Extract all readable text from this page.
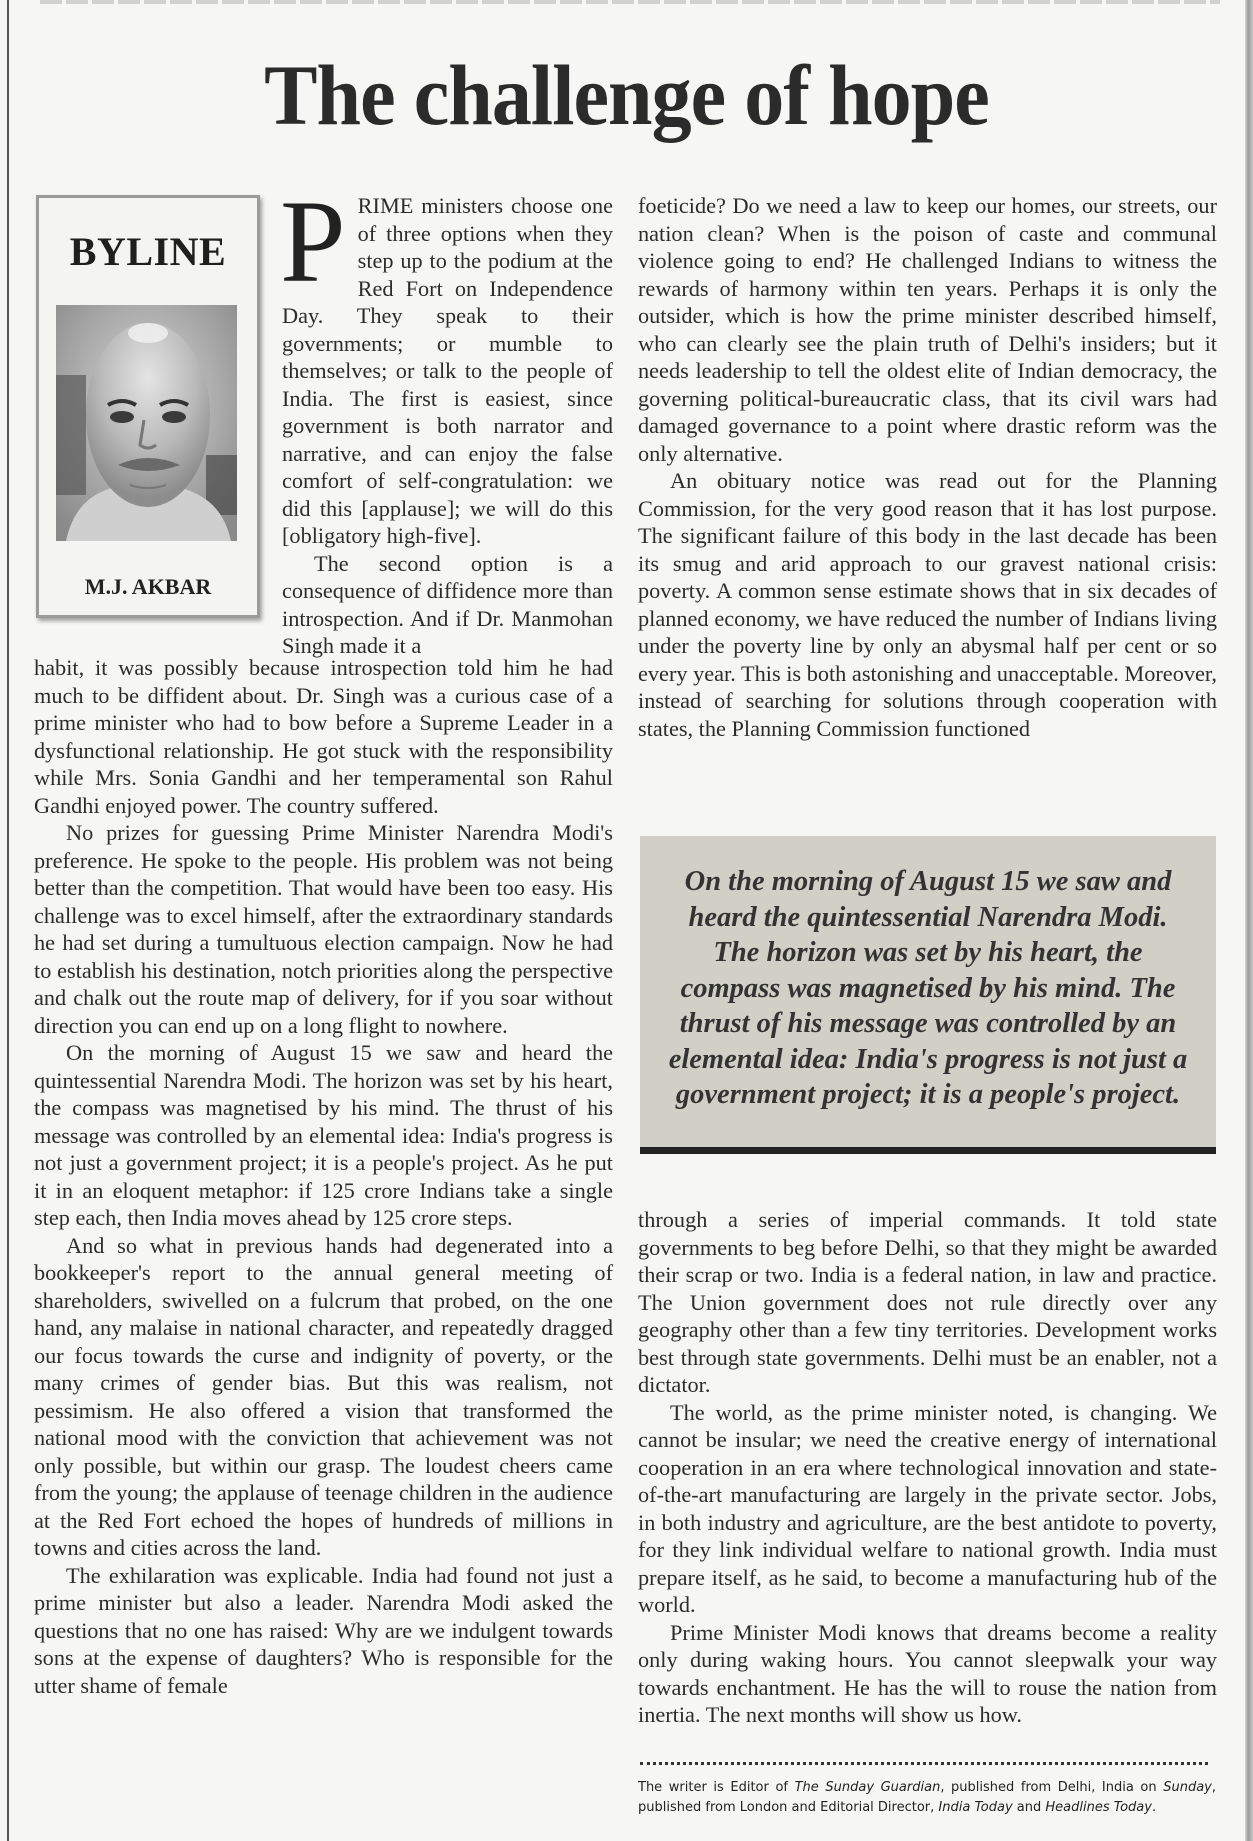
The challenge of hope
BYLINE
M.J. AKBAR
P RIME ministers choose one of three options when they step up to the podium at the Red Fort on Independence Day. They speak to their governments; or mumble to themselves; or talk to the people of India. The first is easiest, since government is both narrator and narrative, and can enjoy the false comfort of self-congratulation: we did this [applause]; we will do this [obligatory high-five].

The second option is a consequence of diffidence more than introspection. And if Dr. Manmohan Singh made it a

habit, it was possibly because introspection told him he had much to be diffident about. Dr. Singh was a curious case of a prime minister who had to bow before a Supreme Leader in a dysfunctional relationship. He got stuck with the responsibility while Mrs. Sonia Gandhi and her temperamental son Rahul Gandhi enjoyed power. The country suffered.

No prizes for guessing Prime Minister Narendra Modi's preference. He spoke to the people. His problem was not being better than the competition. That would have been too easy. His challenge was to excel himself, after the extraordinary standards he had set during a tumultuous election campaign. Now he had to establish his destination, notch priorities along the perspective and chalk out the route map of delivery, for if you soar without direction you can end up on a long flight to nowhere.

On the morning of August 15 we saw and heard the quintessential Narendra Modi. The horizon was set by his heart, the compass was magnetised by his mind. The thrust of his message was controlled by an elemental idea: India's progress is not just a government project; it is a people's project. As he put it in an eloquent metaphor: if 125 crore Indians take a single step each, then India moves ahead by 125 crore steps.

And so what in previous hands had degenerated into a bookkeeper's report to the annual general meeting of shareholders, swivelled on a fulcrum that probed, on the one hand, any malaise in national character, and repeatedly dragged our focus towards the curse and indignity of poverty, or the many crimes of gender bias. But this was realism, not pessimism. He also offered a vision that transformed the national mood with the conviction that achievement was not only possible, but within our grasp. The loudest cheers came from the young; the applause of teenage children in the audience at the Red Fort echoed the hopes of hundreds of millions in towns and cities across the land.

The exhilaration was explicable. India had found not just a prime minister but also a leader. Narendra Modi asked the questions that no one has raised: Why are we indulgent towards sons at the expense of daughters? Who is responsible for the utter shame of female

foeticide? Do we need a law to keep our homes, our streets, our nation clean? When is the poison of caste and communal violence going to end? He challenged Indians to witness the rewards of harmony within ten years. Perhaps it is only the outsider, which is how the prime minister described himself, who can clearly see the plain truth of Delhi's insiders; but it needs leadership to tell the oldest elite of Indian democracy, the governing political-bureaucratic class, that its civil wars had damaged governance to a point where drastic reform was the only alternative.

An obituary notice was read out for the Planning Commission, for the very good reason that it has lost purpose. The significant failure of this body in the last decade has been its smug and arid approach to our gravest national crisis: poverty. A common sense estimate shows that in six decades of planned economy, we have reduced the number of Indians living under the poverty line by only an abysmal half per cent or so every year. This is both astonishing and unacceptable. Moreover, instead of searching for solutions through cooperation with states, the Planning Commission functioned

On the morning of August 15 we saw and heard the quintessential Narendra Modi. The horizon was set by his heart, the compass was magnetised by his mind. The thrust of his message was controlled by an elemental idea: India's progress is not just a government project; it is a people's project.

through a series of imperial commands. It told state governments to beg before Delhi, so that they might be awarded their scrap or two. India is a federal nation, in law and practice. The Union government does not rule directly over any geography other than a few tiny territories. Development works best through state governments. Delhi must be an enabler, not a dictator.

The world, as the prime minister noted, is changing. We cannot be insular; we need the creative energy of international cooperation in an era where technological innovation and state-of-the-art manufacturing are largely in the private sector. Jobs, in both industry and agriculture, are the best antidote to poverty, for they link individual welfare to national growth. India must prepare itself, as he said, to become a manufacturing hub of the world.

Prime Minister Modi knows that dreams become a reality only during waking hours. You cannot sleepwalk your way towards enchantment. He has the will to rouse the nation from inertia. The next months will show us how.

The writer is Editor of The Sunday Guardian, published from Delhi, India on Sunday, published from London and Editorial Director, India Today and Headlines Today.
